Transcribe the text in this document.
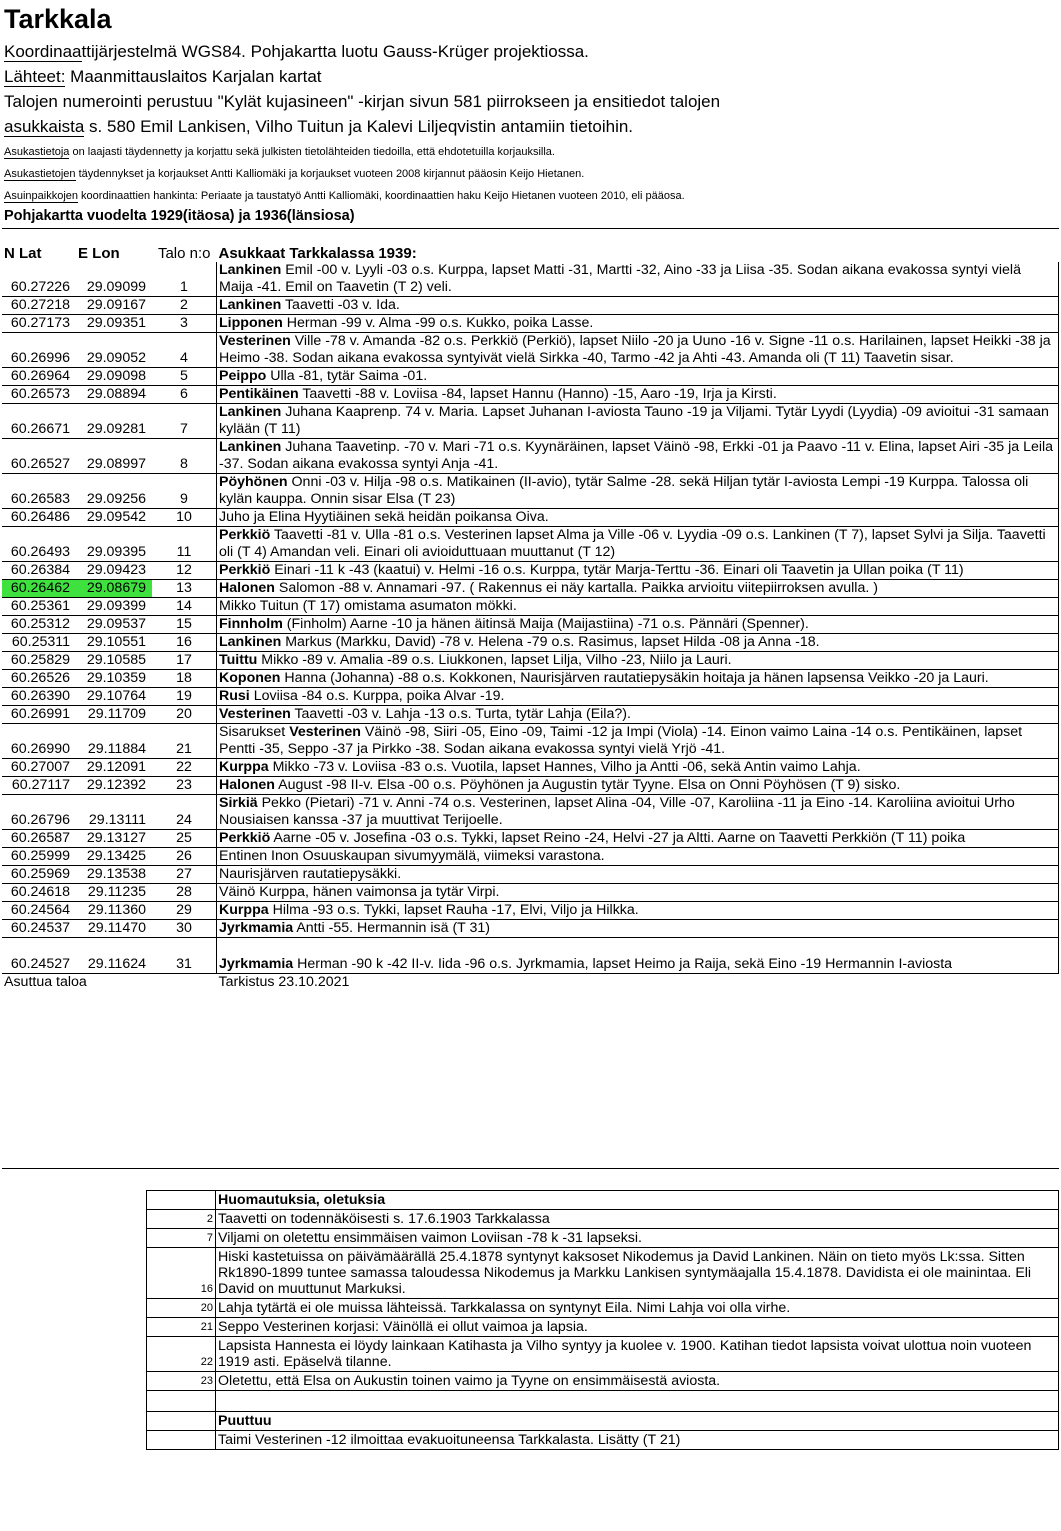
Tarkkala
Koordinaattijärjestelmä WGS84. Pohjakartta luotu Gauss-Krüger projektiossa.
Lähteet: Maanmittauslaitos Karjalan kartat
Talojen numerointi perustuu "Kylät kujasineen" -kirjan sivun 581 piirrokseen ja ensitiedot talojen
asukkaista s. 580 Emil Lankisen, Vilho Tuitun ja Kalevi Liljeqvistin antamiin tietoihin.
Asukastietoja on laajasti täydennetty ja korjattu sekä julkisten tietolähteiden tiedoilla, että ehdotetuilla korjauksilla.
Asukastietojen täydennykset ja korjaukset Antti Kalliomäki ja korjaukset vuoteen 2008 kirjannut pääosin Keijo Hietanen.
Asuinpaikkojen koordinaattien hankinta: Periaate ja taustatyö Antti Kalliomäki, koordinaattien haku Keijo Hietanen vuoteen 2010, eli pääosa.
Pohjakartta vuodelta 1929(itäosa) ja 1936(länsiosa)
N Lat	E Lon	Talo n:o	Asukkaat Tarkkalassa 1939:
60.27226	29.09099	1	Lankinen Emil -00 v. Lyyli -03 o.s. Kurppa, lapset Matti -31, Martti -32, Aino -33 ja Liisa -35. Sodan aikana evakossa syntyi vielä Maija -41. Emil on Taavetin (T 2) veli.
60.27218	29.09167	2	Lankinen Taavetti -03 v. Ida.
60.27173	29.09351	3	Lipponen Herman -99 v. Alma -99 o.s. Kukko, poika Lasse.
60.26996	29.09052	4	Vesterinen Ville -78 v. Amanda -82 o.s. Perkkiö (Perkiö), lapset Niilo -20 ja Uuno -16 v. Signe -11 o.s. Harilainen, lapset Heikki -38 ja Heimo -38. Sodan aikana evakossa syntyivät vielä Sirkka -40, Tarmo -42 ja Ahti -43. Amanda oli (T 11) Taavetin sisar.
60.26964	29.09098	5	Peippo Ulla -81, tytär Saima -01.
60.26573	29.08894	6	Pentikäinen Taavetti -88 v. Loviisa -84, lapset Hannu (Hanno) -15, Aaro -19, Irja ja Kirsti.
60.26671	29.09281	7	Lankinen Juhana Kaaprenp. 74 v. Maria. Lapset Juhanan I-aviosta Tauno -19 ja Viljami. Tytär Lyydi (Lyydia) -09 avioitui -31 samaan kylään (T 11)
60.26527	29.08997	8	Lankinen Juhana Taavetinp. -70 v. Mari -71 o.s. Kyynäräinen, lapset Väinö -98, Erkki -01 ja Paavo -11 v. Elina, lapset Airi -35 ja Leila -37. Sodan aikana evakossa syntyi Anja -41.
60.26583	29.09256	9	Pöyhönen Onni -03 v. Hilja -98 o.s. Matikainen (II-avio), tytär Salme -28. sekä Hiljan tytär I-aviosta Lempi -19 Kurppa. Talossa oli kylän kauppa. Onnin sisar Elsa (T 23)
60.26486	29.09542	10	Juho ja Elina Hyytiäinen sekä heidän poikansa Oiva.
60.26493	29.09395	11	Perkkiö Taavetti -81 v. Ulla -81 o.s. Vesterinen lapset Alma ja Ville -06 v. Lyydia -09 o.s. Lankinen (T 7), lapset Sylvi ja Silja. Taavetti oli (T 4) Amandan veli. Einari oli avioiduttuaan muuttanut (T 12)
60.26384	29.09423	12	Perkkiö Einari -11 k -43 (kaatui) v. Helmi -16 o.s. Kurppa, tytär Marja-Terttu -36. Einari oli Taavetin ja Ullan poika (T 11)
60.26462	29.08679	13	Halonen Salomon -88 v. Annamari -97. ( Rakennus ei näy kartalla. Paikka arvioitu viitepiirroksen avulla. )
60.25361	29.09399	14	Mikko Tuitun (T 17) omistama asumaton mökki.
60.25312	29.09537	15	Finnholm (Finholm) Aarne -10 ja hänen äitinsä Maija (Maijastiina) -71 o.s. Pännäri (Spenner).
60.25311	29.10551	16	Lankinen Markus (Markku, David) -78 v. Helena -79 o.s. Rasimus, lapset Hilda -08 ja Anna -18.
60.25829	29.10585	17	Tuittu Mikko -89 v. Amalia -89 o.s. Liukkonen, lapset Lilja, Vilho -23, Niilo ja Lauri.
60.26526	29.10359	18	Koponen Hanna (Johanna) -88 o.s. Kokkonen, Naurisjärven rautatiepysäkin hoitaja ja hänen lapsensa Veikko -20 ja Lauri.
60.26390	29.10764	19	Rusi Loviisa -84 o.s. Kurppa, poika Alvar -19.
60.26991	29.11709	20	Vesterinen Taavetti -03 v. Lahja -13 o.s. Turta, tytär Lahja (Eila?).
60.26990	29.11884	21	Sisarukset Vesterinen Väinö -98, Siiri -05, Eino -09, Taimi -12 ja Impi (Viola) -14. Einon vaimo Laina -14 o.s. Pentikäinen, lapset Pentti -35, Seppo -37 ja Pirkko -38. Sodan aikana evakossa syntyi vielä Yrjö -41.
60.27007	29.12091	22	Kurppa Mikko -73 v. Loviisa -83 o.s. Vuotila, lapset Hannes, Vilho ja Antti -06, sekä Antin vaimo Lahja.
60.27117	29.12392	23	Halonen August -98 II-v. Elsa -00 o.s. Pöyhönen ja Augustin tytär Tyyne. Elsa on Onni Pöyhösen (T 9) sisko.
60.26796	29.13111	24	Sirkiä Pekko (Pietari) -71 v. Anni -74 o.s. Vesterinen, lapset Alina -04, Ville -07, Karoliina -11 ja Eino -14. Karoliina avioitui Urho Nousiaisen kanssa -37 ja muuttivat Terijoelle.
60.26587	29.13127	25	Perkkiö Aarne -05 v. Josefina -03 o.s. Tykki, lapset Reino -24, Helvi -27 ja Altti. Aarne on Taavetti Perkkiön (T 11) poika
60.25999	29.13425	26	Entinen Inon Osuuskaupan sivumyymälä, viimeksi varastona.
60.25969	29.13538	27	Naurisjärven rautatiepysäkki.
60.24618	29.11235	28	Väinö Kurppa, hänen vaimonsa ja tytär Virpi.
60.24564	29.11360	29	Kurppa Hilma -93 o.s. Tykki, lapset Rauha -17, Elvi, Viljo ja Hilkka.
60.24537	29.11470	30	Jyrkmamia Antti -55. Hermannin isä (T 31)

60.24527	29.11624	31	Jyrkmamia Herman -90 k -42 II-v. Iida -96 o.s. Jyrkmamia, lapset Heimo ja Raija, sekä Eino -19 Hermannin I-aviosta
Asuttua taloa			Tarkistus 23.10.2021
	Huomautuksia, oletuksia
2	Taavetti on todennäköisesti s. 17.6.1903 Tarkkalassa
7	Viljami on oletettu ensimmäisen vaimon Loviisan -78 k -31 lapseksi.
16	Hiski kastetuissa on päivämäärällä 25.4.1878 syntynyt kaksoset Nikodemus ja David Lankinen. Näin on tieto myös Lk:ssa. Sitten Rk1890-1899 tuntee samassa taloudessa Nikodemus ja Markku Lankisen syntymäajalla 15.4.1878. Davidista ei ole mainintaa. Eli David on muuttunut Markuksi.
20	Lahja tytärtä ei ole muissa lähteissä. Tarkkalassa on syntynyt Eila. Nimi Lahja voi olla virhe.
21	Seppo Vesterinen korjasi: Väinöllä ei ollut vaimoa ja lapsia.
22	Lapsista Hannesta ei löydy lainkaan Katihasta ja Vilho syntyy ja kuolee v. 1900. Katihan tiedot lapsista voivat ulottua noin vuoteen 1919 asti. Epäselvä tilanne.
23	Oletettu, että Elsa on Aukustin toinen vaimo ja Tyyne on ensimmäisestä aviosta.

	Puuttuu
	Taimi Vesterinen -12 ilmoittaa evakuoituneensa Tarkkalasta. Lisätty (T 21)
